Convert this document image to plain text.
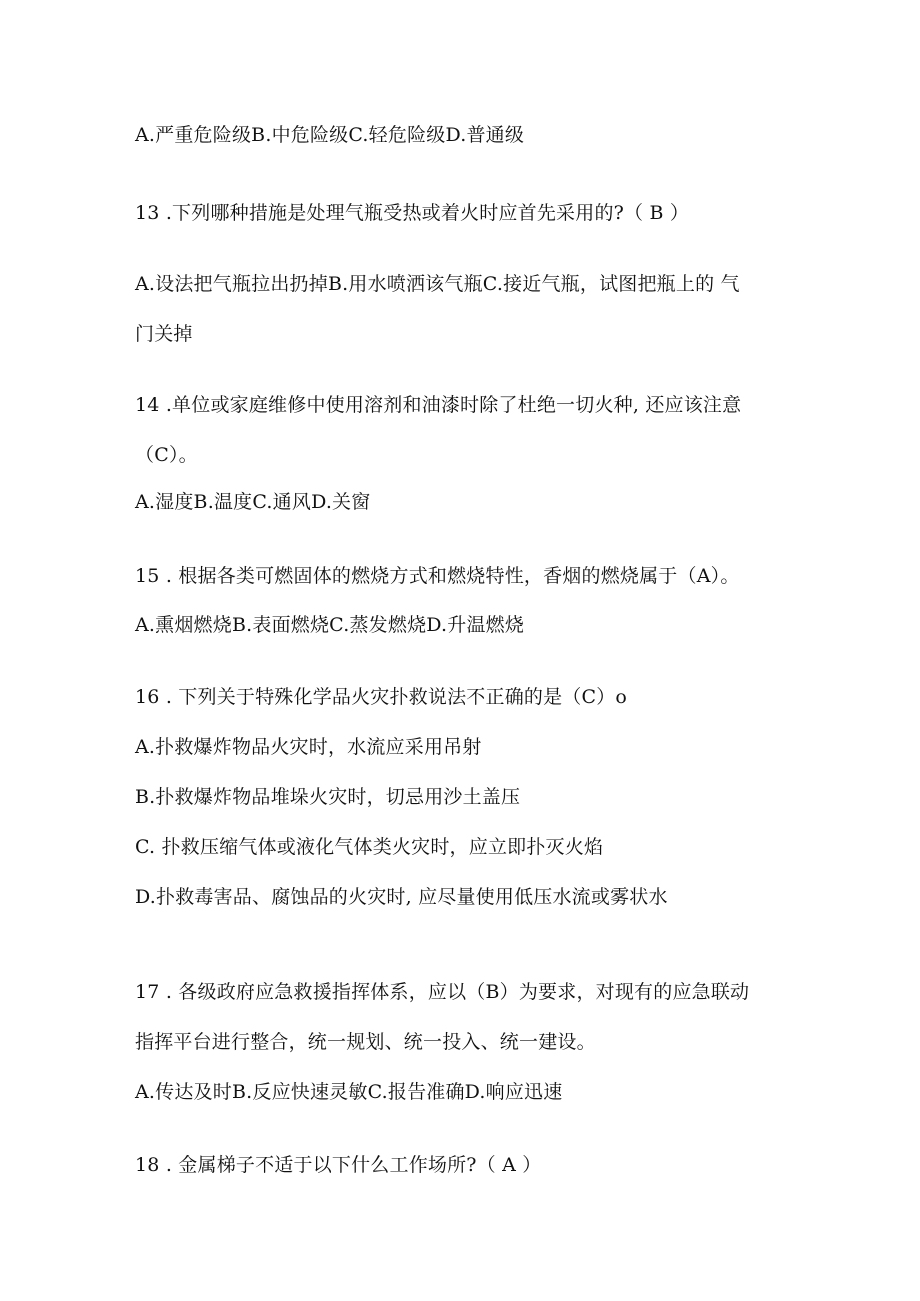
A.严重危险级B.中危险级C.轻危险级D.普通级
13 .下列哪种措施是处理气瓶受热或着火时应首先采用的?（ B ）
A.设法把气瓶拉出扔掉B.用水喷洒该气瓶C.接近气瓶，试图把瓶上的 气
门关掉
14 .单位或家庭维修中使用溶剂和油漆时除了杜绝一切火种, 还应该注意
（C）。
A.湿度B.温度C.通风D.关窗
15 . 根据各类可燃固体的燃烧方式和燃烧特性，香烟的燃烧属于（A）。
A.熏烟燃烧B.表面燃烧C.蒸发燃烧D.升温燃烧
16 . 下列关于特殊化学品火灾扑救说法不正确的是（C）o
A.扑救爆炸物品火灾时，水流应采用吊射
B.扑救爆炸物品堆垛火灾时，切忌用沙土盖压
C. 扑救压缩气体或液化气体类火灾时，应立即扑灭火焰
D.扑救毒害品、腐蚀品的火灾时, 应尽量使用低压水流或雾状水
17 . 各级政府应急救援指挥体系，应以（B）为要求，对现有的应急联动
指挥平台进行整合，统一规划、统一投入、统一建设。
A.传达及时B.反应快速灵敏C.报告准确D.响应迅速
18 . 金属梯子不适于以下什么工作场所?（ A ）
